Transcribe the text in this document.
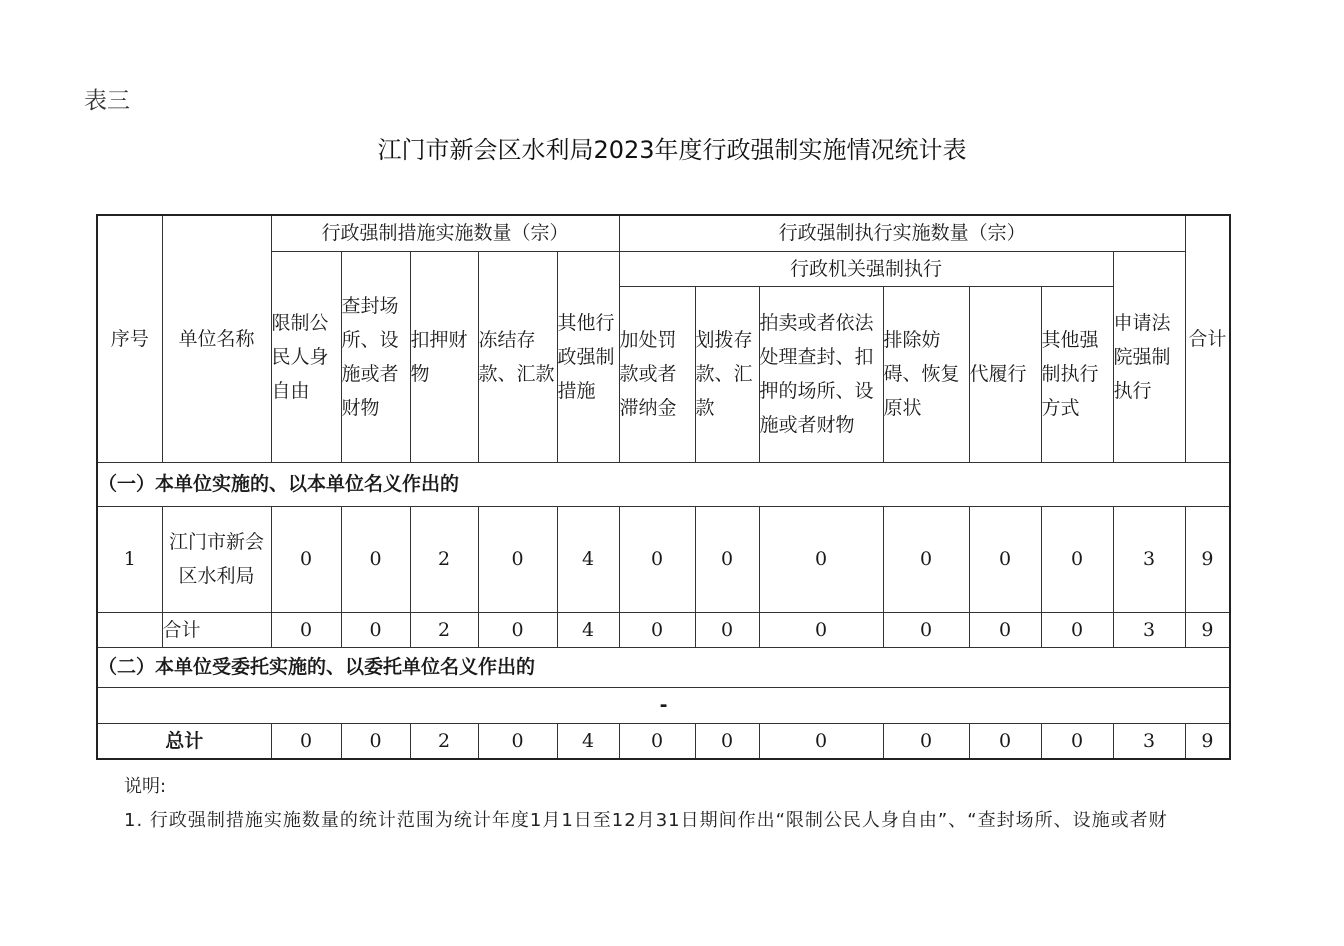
表三
江门市新会区水利局2023年度行政强制实施情况统计表
序号	单位名称	行政强制措施实施数量（宗）					行政强制执行实施数量（宗）							合计
		限制公民人身自由	查封场所、设施或者财物	扣押财物	冻结存款、汇款	其他行政强制措施	行政机关强制执行						申请法院强制执行	
							加处罚款或者滞纳金	划拨存款、汇款	拍卖或者依法处理查封、扣押的场所、设施或者财物	排除妨碍、恢复原状	代履行	其他强制执行方式		
（一）本单位实施的、以本单位名义作出的														
1	江门市新会区水利局	0	0	2	0	4	0	0	0	0	0	0	3	9
	合计	0	0	2	0	4	0	0	0	0	0	0	3	9
（二）本单位受委托实施的、以委托单位名义作出的														
-														
总计		0	0	2	0	4	0	0	0	0	0	0	3	9
说明:
1. 行政强制措施实施数量的统计范围为统计年度1月1日至12月31日期间作出“限制公民人身自由”、“查封场所、设施或者财
